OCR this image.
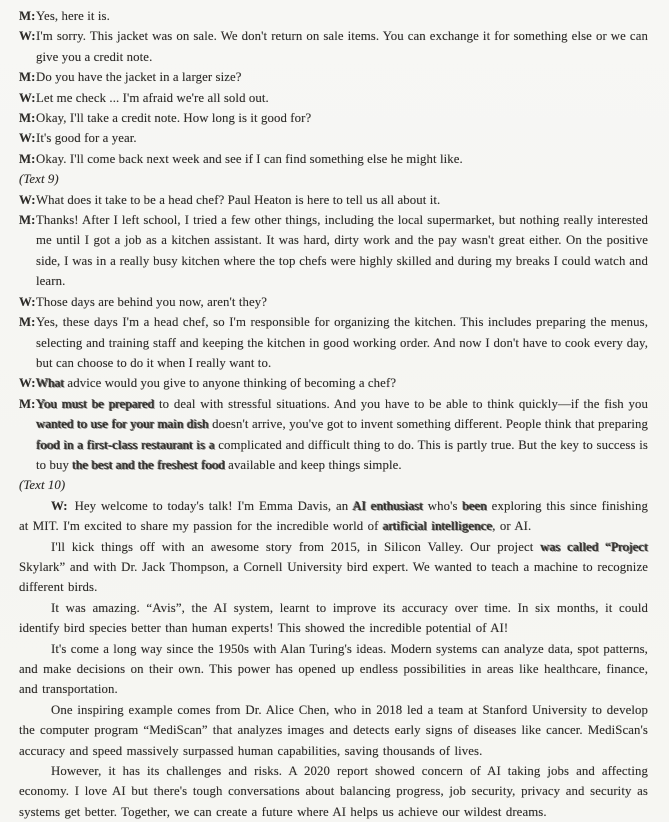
M:Yes, here it is.

W:I'm sorry. This jacket was on sale. We don't return on sale items. You can exchange it for something else or we can give you a credit note.

M:Do you have the jacket in a larger size?

W:Let me check ... I'm afraid we're all sold out.

M:Okay, I'll take a credit note. How long is it good for?

W:It's good for a year.

M:Okay. I'll come back next week and see if I can find something else he might like.

(Text 9)

W:What does it take to be a head chef? Paul Heaton is here to tell us all about it.

M:Thanks! After I left school, I tried a few other things, including the local supermarket, but nothing really interested me until I got a job as a kitchen assistant. It was hard, dirty work and the pay wasn't great either. On the positive side, I was in a really busy kitchen where the top chefs were highly skilled and during my breaks I could watch and learn.

W:Those days are behind you now, aren't they?

M:Yes, these days I'm a head chef, so I'm responsible for organizing the kitchen. This includes preparing the menus, selecting and training staff and keeping the kitchen in good working order. And now I don't have to cook every day, but can choose to do it when I really want to.

W:What advice would you give to anyone thinking of becoming a chef?

M:You must be prepared to deal with stressful situations. And you have to be able to think quickly—if the fish you wanted to use for your main dish doesn't arrive, you've got to invent something different. People think that preparing food in a first-class restaurant is a complicated and difficult thing to do. This is partly true. But the key to success is to buy the best and the freshest food available and keep things simple.

(Text 10)

W: Hey welcome to today's talk! I'm Emma Davis, an AI enthusiast who's been exploring this since finishing at MIT. I'm excited to share my passion for the incredible world of artificial intelligence, or AI.

I'll kick things off with an awesome story from 2015, in Silicon Valley. Our project was called “Project Skylark” and with Dr. Jack Thompson, a Cornell University bird expert. We wanted to teach a machine to recognize different birds.

It was amazing. “Avis”, the AI system, learnt to improve its accuracy over time. In six months, it could identify bird species better than human experts! This showed the incredible potential of AI!

It's come a long way since the 1950s with Alan Turing's ideas. Modern systems can analyze data, spot patterns, and make decisions on their own. This power has opened up endless possibilities in areas like healthcare, finance, and transportation.

One inspiring example comes from Dr. Alice Chen, who in 2018 led a team at Stanford University to develop the computer program “MediScan” that analyzes images and detects early signs of diseases like cancer. MediScan's accuracy and speed massively surpassed human capabilities, saving thousands of lives.

However, it has its challenges and risks. A 2020 report showed concern of AI taking jobs and affecting economy. I love AI but there's tough conversations about balancing progress, job security, privacy and security as systems get better. Together, we can create a future where AI helps us achieve our wildest dreams.
